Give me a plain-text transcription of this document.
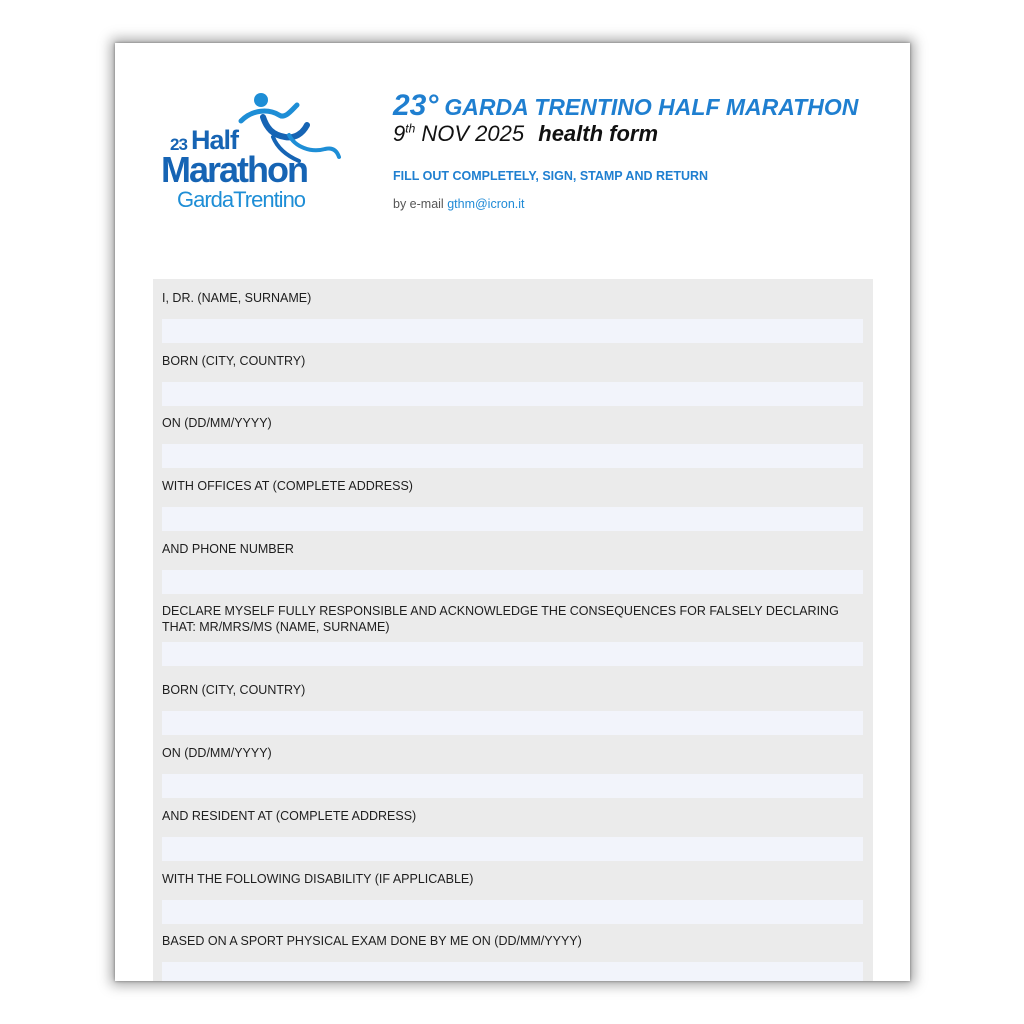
23 Half
Marathon
GardaTrentino
23° GARDA TRENTINO HALF MARATHON
9th NOV 2025 health form
FILL OUT COMPLETELY, SIGN, STAMP AND RETURN
by e-mail gthm@icron.it
I, DR. (NAME, SURNAME)
BORN (CITY, COUNTRY)
ON (DD/MM/YYYY)
WITH OFFICES AT (COMPLETE ADDRESS)
AND PHONE NUMBER
DECLARE MYSELF FULLY RESPONSIBLE AND ACKNOWLEDGE THE CONSEQUENCES FOR FALSELY DECLARING THAT: MR/MRS/MS (NAME, SURNAME)
BORN (CITY, COUNTRY)
ON (DD/MM/YYYY)
AND RESIDENT AT (COMPLETE ADDRESS)
WITH THE FOLLOWING DISABILITY (IF APPLICABLE)
BASED ON A SPORT PHYSICAL EXAM DONE BY ME ON (DD/MM/YYYY)
